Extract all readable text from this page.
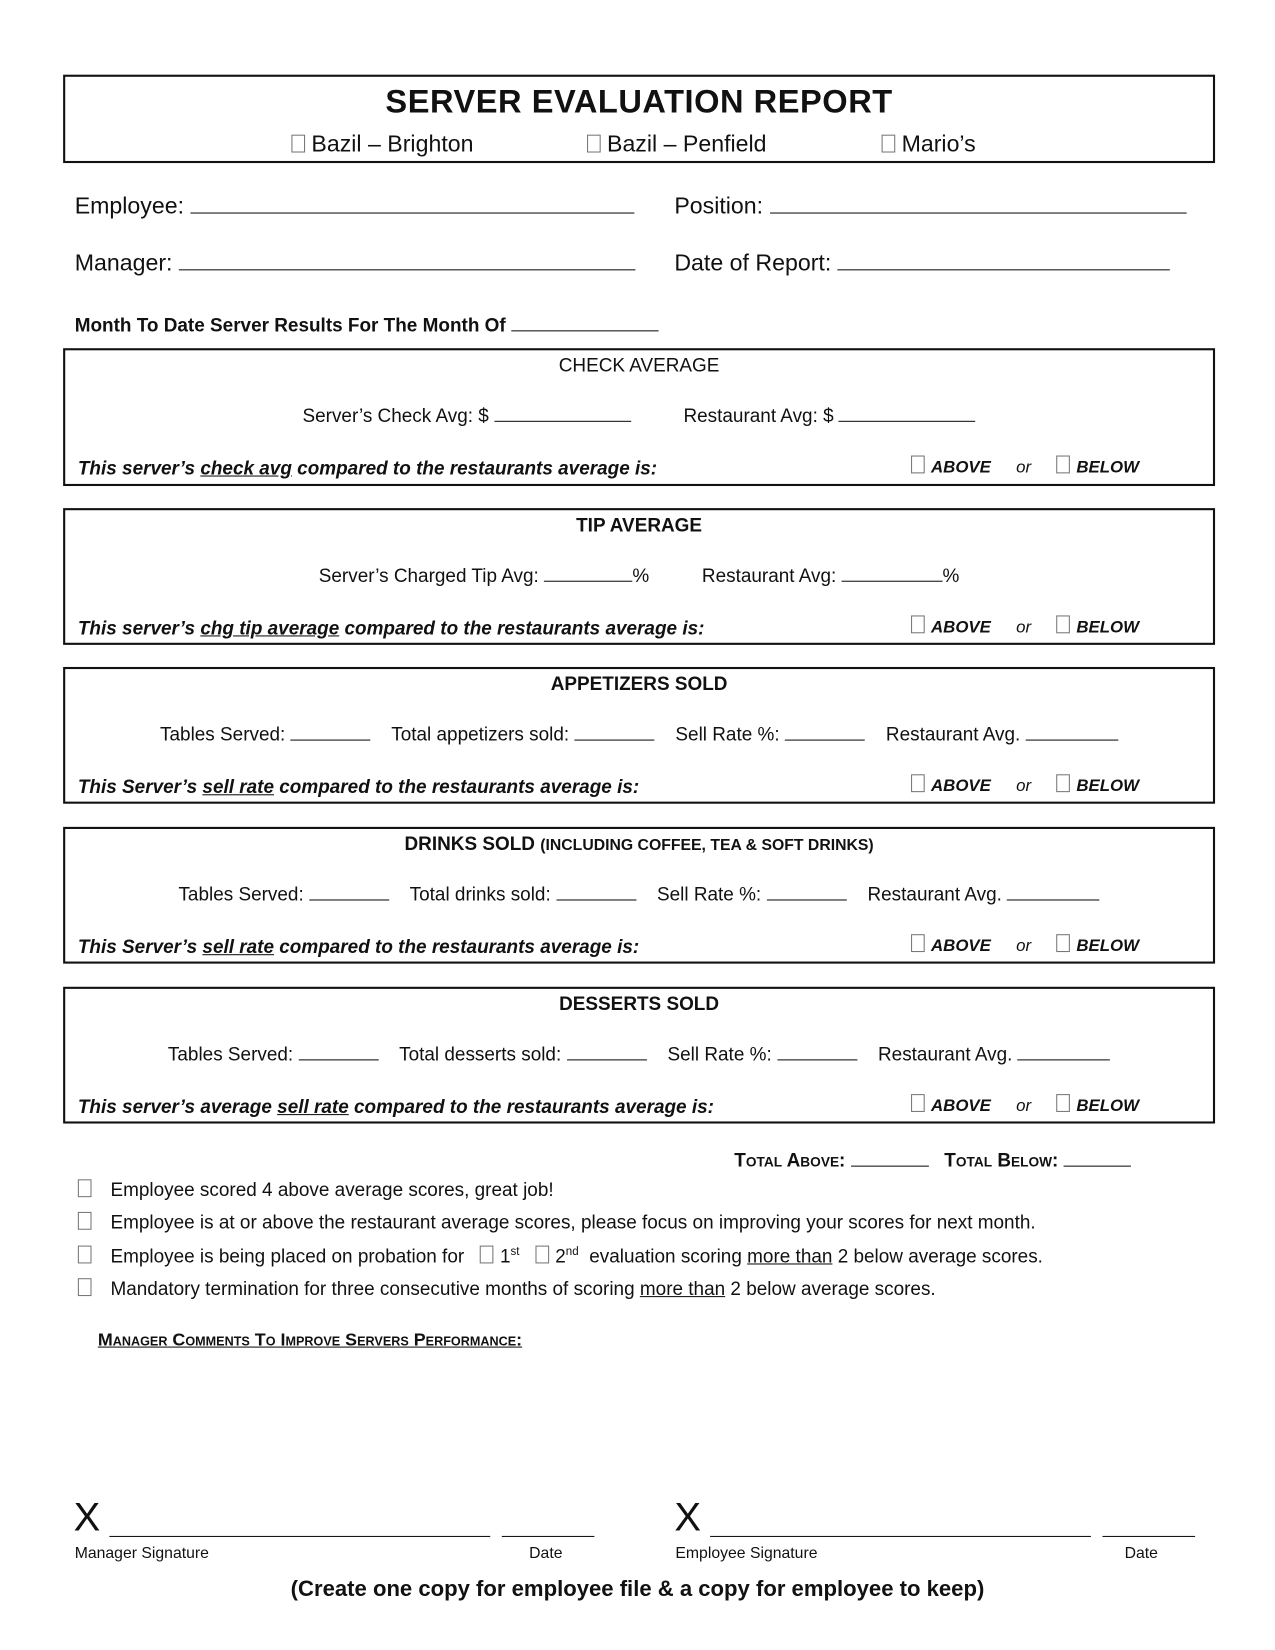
SERVER EVALUATION REPORT
Bazil – Brighton	Bazil – Penfield	Mario’s
Employee:	Position:
Manager:	Date of Report:
Month To Date Server Results For The Month Of
CHECK AVERAGE
Server’s Check Avg: $	Restaurant Avg: $
This server’s check avg compared to the restaurants average is:	ABOVE or	BELOW
TIP AVERAGE
Server’s Charged Tip Avg:	%	Restaurant Avg:	%
This server’s chg tip average compared to the restaurants average is:	ABOVE or	BELOW
APPETIZERS SOLD
Tables Served:	Total appetizers sold:	Sell Rate %:	Restaurant Avg.
This Server’s sell rate compared to the restaurants average is:	ABOVE or	BELOW
DRINKS SOLD (INCLUDING COFFEE, TEA & SOFT DRINKS)
Tables Served:	Total drinks sold:	Sell Rate %:	Restaurant Avg.
This Server’s sell rate compared to the restaurants average is:	ABOVE or	BELOW
DESSERTS SOLD
Tables Served:	Total desserts sold:	Sell Rate %:	Restaurant Avg.
This server’s average sell rate compared to the restaurants average is:	ABOVE or	BELOW
Total Above:	Total Below:
Employee scored 4 above average scores, great job!
Employee is at or above the restaurant average scores, please focus on improving your scores for next month.
Employee is being placed on probation for 1st 2nd evaluation scoring more than 2 below average scores.
Mandatory termination for three consecutive months of scoring more than 2 below average scores.
Manager Comments To Improve Servers Performance:
X
Manager Signature	Date
X
Employee Signature	Date
(Create one copy for employee file & a copy for employee to keep)
